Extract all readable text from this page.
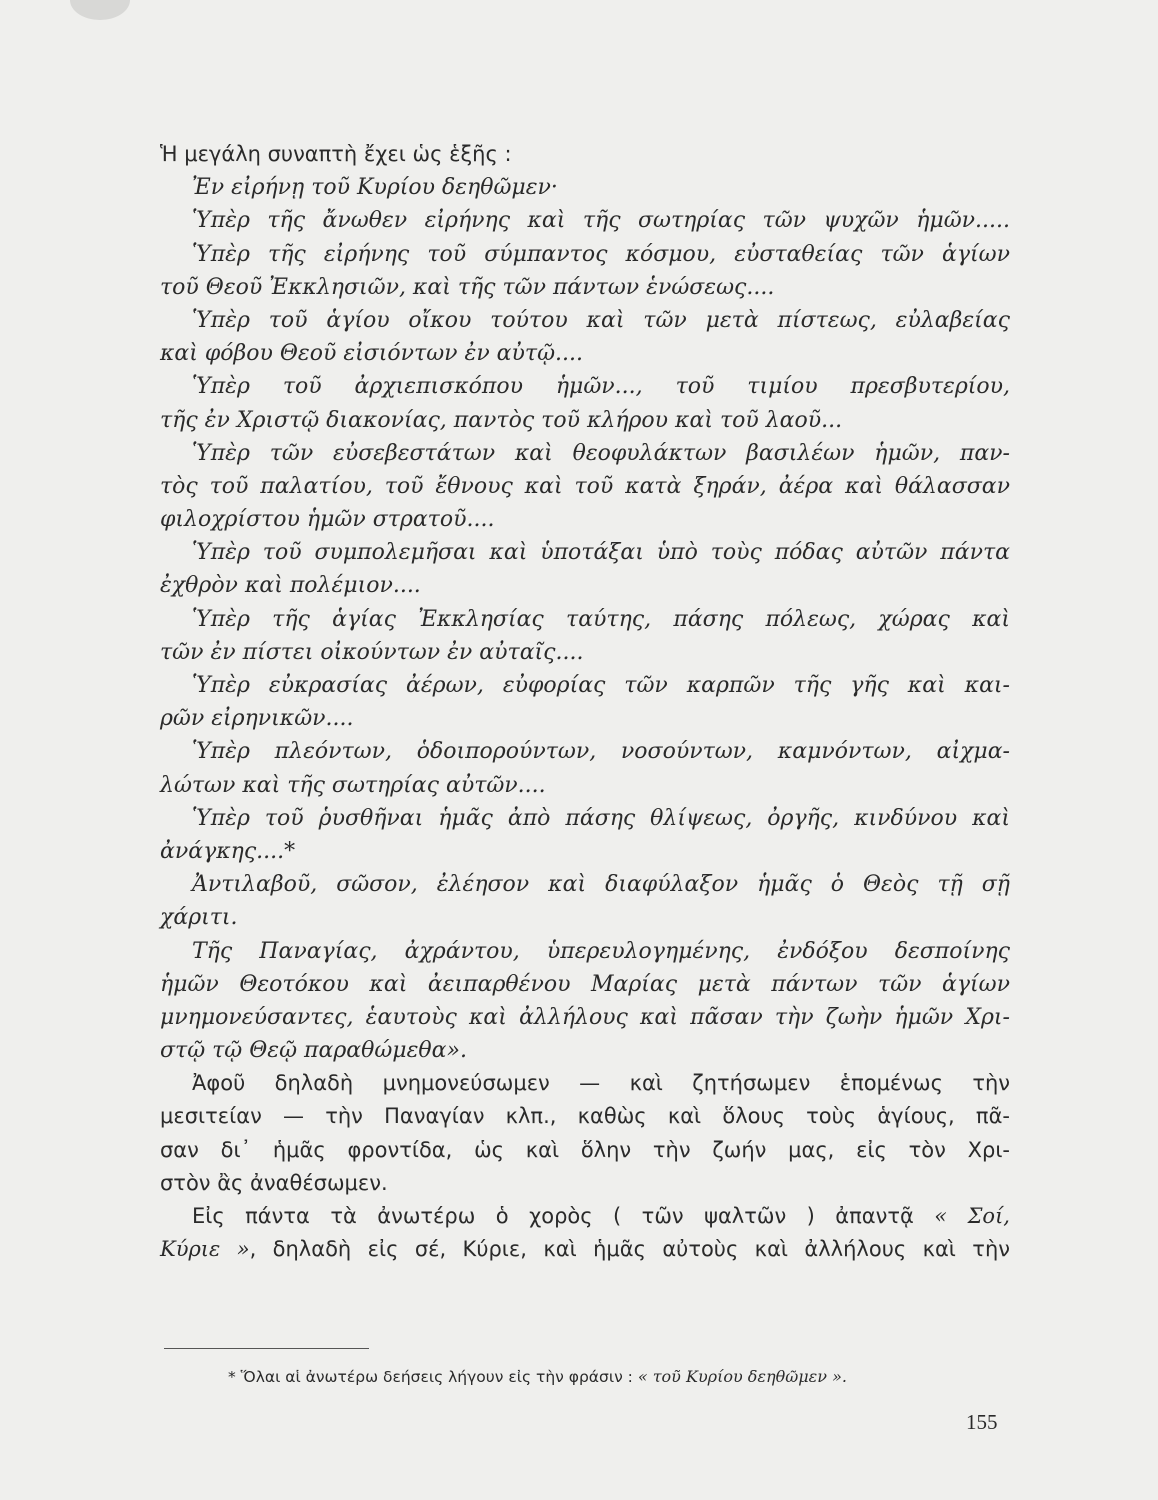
Ἡ μεγάλη συναπτὴ ἔχει ὡς ἑξῆς :
Ἐν εἰρήνῃ τοῦ Κυρίου δεηθῶμεν·
Ὑπὲρ τῆς ἄνωθεν εἰρήνης καὶ τῆς σωτηρίας τῶν ψυχῶν ἡμῶν.....
Ὑπὲρ τῆς εἰρήνης τοῦ σύμπαντος κόσμου, εὐσταθείας τῶν ἁγίων
τοῦ Θεοῦ Ἐκκλησιῶν, καὶ τῆς τῶν πάντων ἑνώσεως....
Ὑπὲρ τοῦ ἁγίου οἴκου τούτου καὶ τῶν μετὰ πίστεως, εὐλαβείας
καὶ φόβου Θεοῦ εἰσιόντων ἐν αὐτῷ....
Ὑπὲρ τοῦ ἀρχιεπισκόπου ἡμῶν..., τοῦ τιμίου πρεσβυτερίου,
τῆς ἐν Χριστῷ διακονίας, παντὸς τοῦ κλήρου καὶ τοῦ λαοῦ...
Ὑπὲρ τῶν εὐσεβεστάτων καὶ θεοφυλάκτων βασιλέων ἡμῶν, παν-
τὸς τοῦ παλατίου, τοῦ ἔθνους καὶ τοῦ κατὰ ξηράν, ἀέρα καὶ θάλασσαν
φιλοχρίστου ἡμῶν στρατοῦ....
Ὑπὲρ τοῦ συμπολεμῆσαι καὶ ὑποτάξαι ὑπὸ τοὺς πόδας αὐτῶν πάντα
ἐχθρὸν καὶ πολέμιον....
Ὑπὲρ τῆς ἁγίας Ἐκκλησίας ταύτης, πάσης πόλεως, χώρας καὶ
τῶν ἐν πίστει οἰκούντων ἐν αὐταῖς....
Ὑπὲρ εὐκρασίας ἀέρων, εὐφορίας τῶν καρπῶν τῆς γῆς καὶ και-
ρῶν εἰρηνικῶν....
Ὑπὲρ πλεόντων, ὁδοιπορούντων, νοσούντων, καμνόντων, αἰχμα-
λώτων καὶ τῆς σωτηρίας αὐτῶν....
Ὑπὲρ τοῦ ῥυσθῆναι ἡμᾶς ἀπὸ πάσης θλίψεως, ὀργῆς, κινδύνου καὶ
ἀνάγκης....*
Ἀντιλαβοῦ, σῶσον, ἐλέησον καὶ διαφύλαξον ἡμᾶς ὁ Θεὸς τῇ σῇ
χάριτι.
Τῆς Παναγίας, ἀχράντου, ὑπερευλογημένης, ἐνδόξου δεσποίνης
ἡμῶν Θεοτόκου καὶ ἀειπαρθένου Μαρίας μετὰ πάντων τῶν ἁγίων
μνημονεύσαντες, ἑαυτοὺς καὶ ἀλλήλους καὶ πᾶσαν τὴν ζωὴν ἡμῶν Χρι-
στῷ τῷ Θεῷ παραθώμεθα».
Ἀφοῦ δηλαδὴ μνημονεύσωμεν — καὶ ζητήσωμεν ἑπομένως τὴν
μεσιτείαν — τὴν Παναγίαν κλπ., καθὼς καὶ ὅλους τοὺς ἁγίους, πᾶ-
σαν δι᾽ ἡμᾶς φροντίδα, ὡς καὶ ὅλην τὴν ζωήν μας, εἰς τὸν Χρι-
στὸν ἂς ἀναθέσωμεν.
Εἰς πάντα τὰ ἀνωτέρω ὁ χορὸς ( τῶν ψαλτῶν ) ἀπαντᾷ « Σοί,
Κύριε », δηλαδὴ εἰς σέ, Κύριε, καὶ ἡμᾶς αὐτοὺς καὶ ἀλλήλους καὶ τὴν
* Ὅλαι αἱ ἀνωτέρω δεήσεις λήγουν εἰς τὴν φράσιν : « τοῦ Κυρίου δεηθῶμεν ».
155
